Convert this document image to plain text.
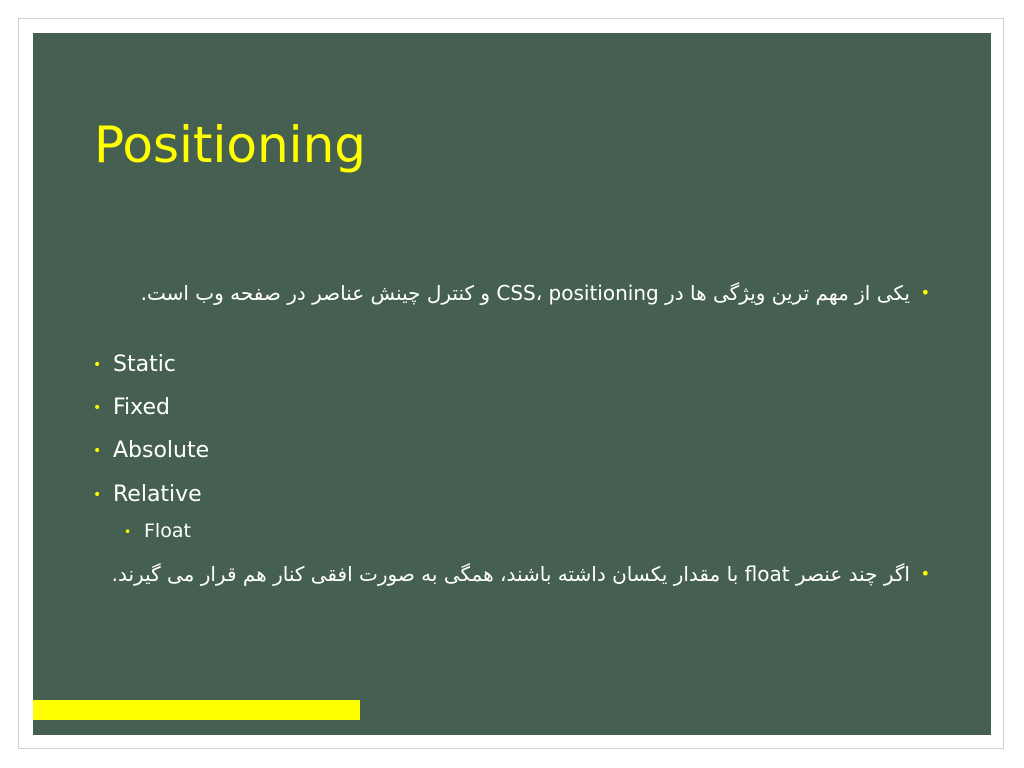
Positioning
•
یکی از مهم ترین ویژگی ها در CSS، positioning و کنترل چینش عناصر در صفحه وب است.
• Static
• Fixed
• Absolute
• Relative
• Float
•
اگر چند عنصر float با مقدار یکسان داشته باشند، همگی به صورت افقی کنار هم قرار می گیرند.
